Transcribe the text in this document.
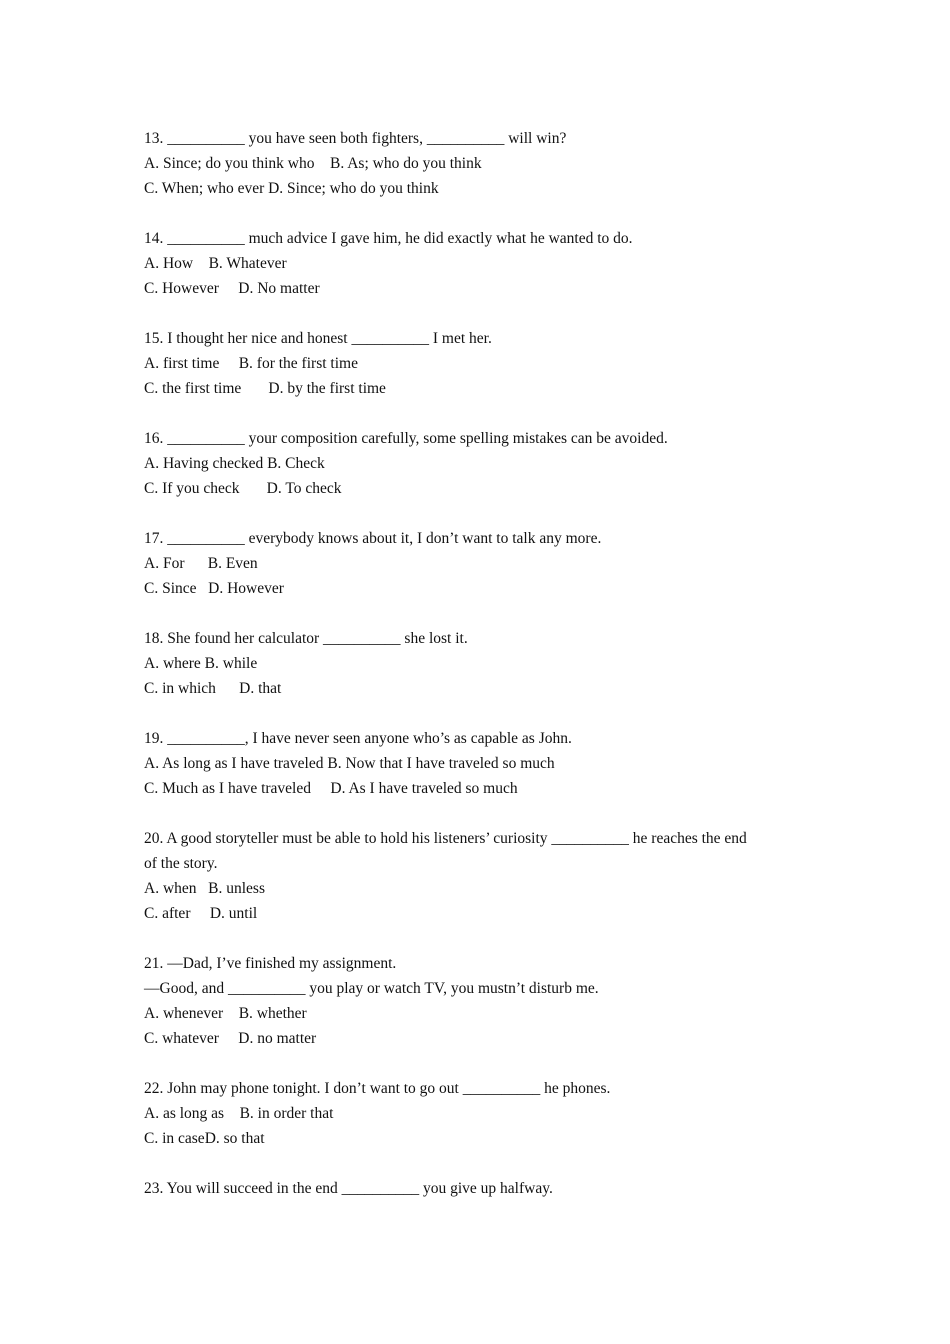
13. __________ you have seen both fighters, __________ will win?

A. Since; do you think who    B. As; who do you think

C. When; who ever D. Since; who do you think

14. __________ much advice I gave him, he did exactly what he wanted to do.

A. How    B. Whatever

C. However     D. No matter

15. I thought her nice and honest __________ I met her.

A. first time     B. for the first time

C. the first time       D. by the first time

16. __________ your composition carefully, some spelling mistakes can be avoided.

A. Having checked B. Check

C. If you check       D. To check

17. __________ everybody knows about it, I don’t want to talk any more.

A. For      B. Even

C. Since   D. However

18. She found her calculator __________ she lost it.

A. where B. while

C. in which      D. that

19. __________, I have never seen anyone who’s as capable as John.

A. As long as I have traveled B. Now that I have traveled so much

C. Much as I have traveled     D. As I have traveled so much

20. A good storyteller must be able to hold his listeners’ curiosity __________ he reaches the end

of the story.

A. when   B. unless

C. after     D. until

21. —Dad, I’ve finished my assignment.

—Good, and __________ you play or watch TV, you mustn’t disturb me.

A. whenever    B. whether

C. whatever     D. no matter

22. John may phone tonight. I don’t want to go out __________ he phones.

A. as long as    B. in order that

C. in caseD. so that

23. You will succeed in the end __________ you give up halfway.
